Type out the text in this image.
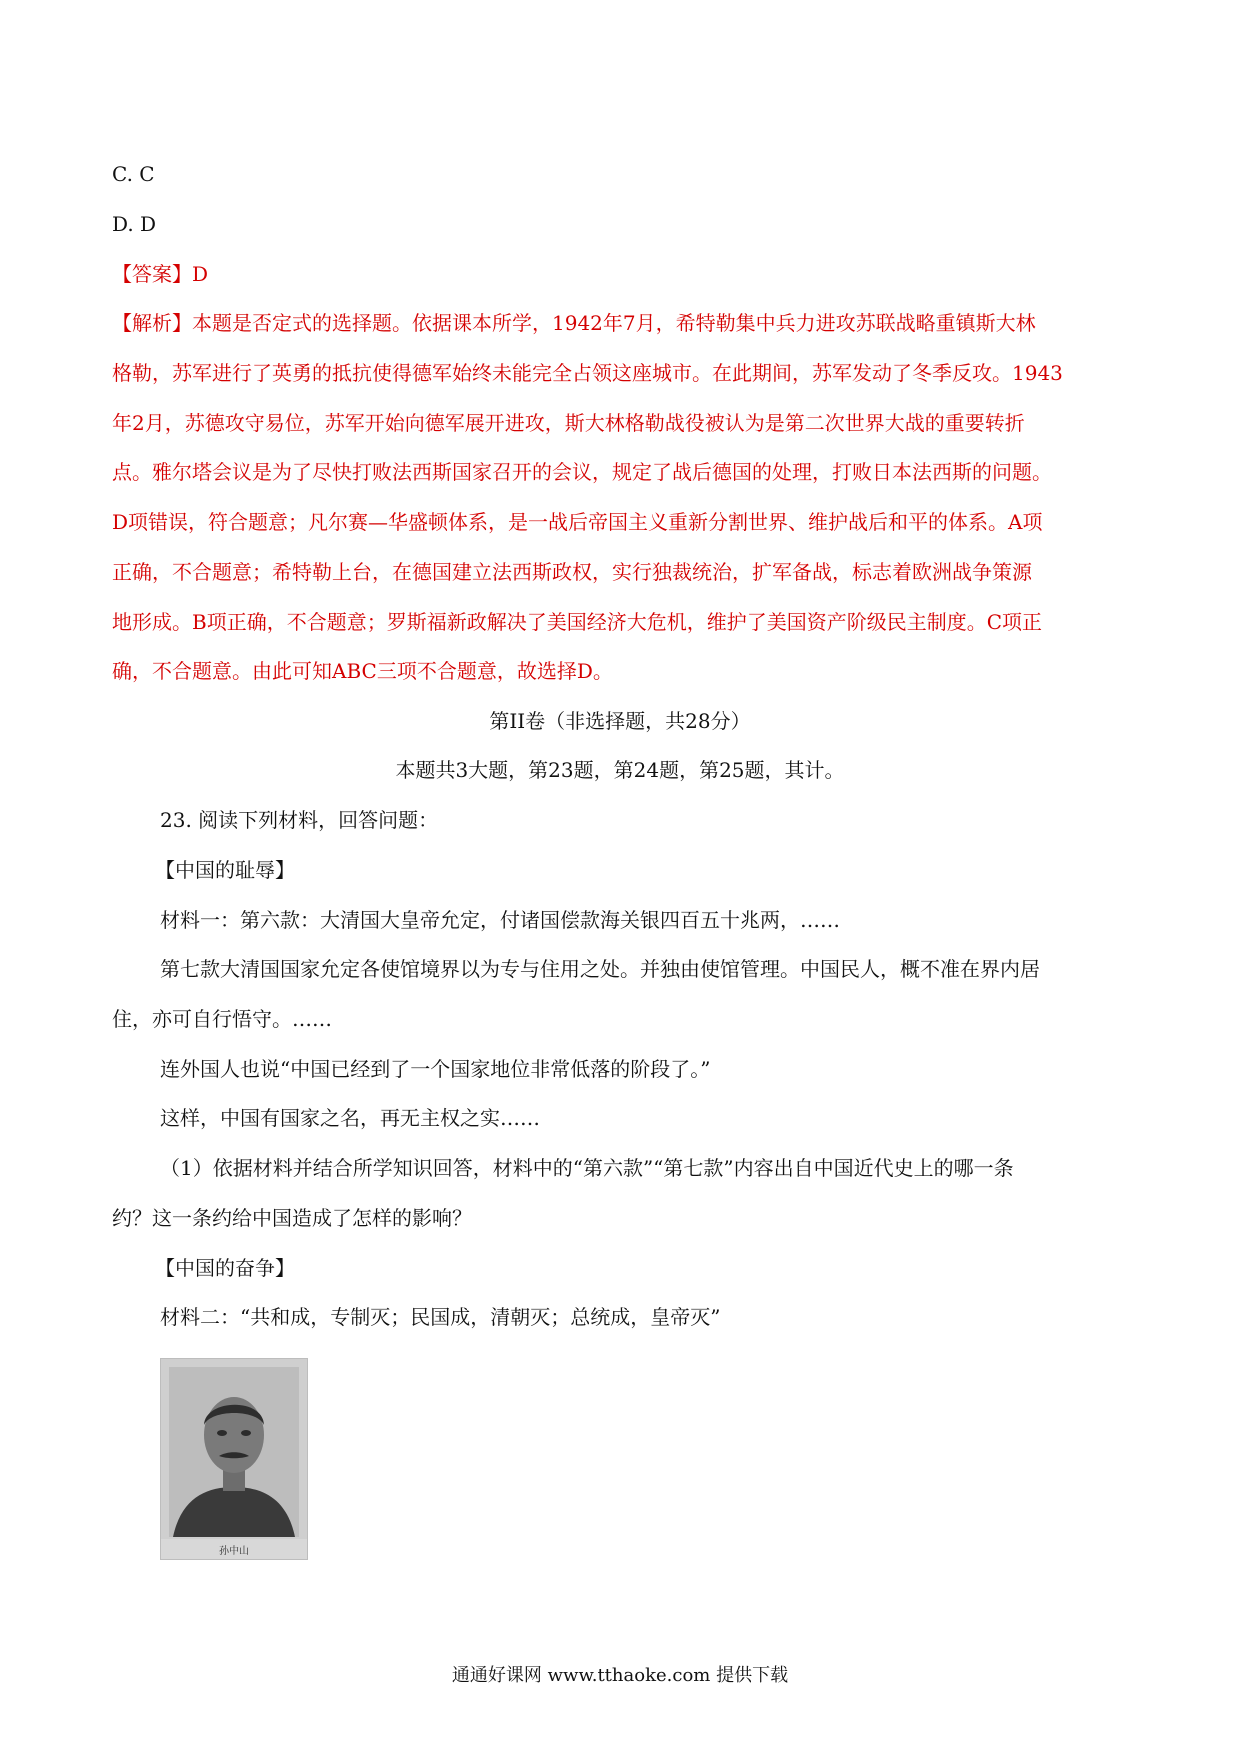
C. C
D. D
【答案】D
【解析】本题是否定式的选择题。依据课本所学，1942年7月，希特勒集中兵力进攻苏联战略重镇斯大林
格勒，苏军进行了英勇的抵抗使得德军始终未能完全占领这座城市。在此期间，苏军发动了冬季反攻。1943
年2月，苏德攻守易位，苏军开始向德军展开进攻，斯大林格勒战役被认为是第二次世界大战的重要转折
点。雅尔塔会议是为了尽快打败法西斯国家召开的会议，规定了战后德国的处理，打败日本法西斯的问题。
D项错误，符合题意；凡尔赛—华盛顿体系，是一战后帝国主义重新分割世界、维护战后和平的体系。A项
正确，不合题意；希特勒上台，在德国建立法西斯政权，实行独裁统治，扩军备战，标志着欧洲战争策源
地形成。B项正确，不合题意；罗斯福新政解决了美国经济大危机，维护了美国资产阶级民主制度。C项正
确，不合题意。由此可知ABC三项不合题意，故选择D。
第II卷（非选择题，共28分）
本题共3大题，第23题，第24题，第25题，其计。
23. 阅读下列材料，回答问题：
【中国的耻辱】
材料一：第六款：大清国大皇帝允定，付诸国偿款海关银四百五十兆两，……
第七款大清国国家允定各使馆境界以为专与住用之处。并独由使馆管理。中国民人，概不准在界内居
住，亦可自行悟守。……
连外国人也说“中国已经到了一个国家地位非常低落的阶段了。”
这样，中国有国家之名，再无主权之实……
（1）依据材料并结合所学知识回答，材料中的“第六款”“第七款”内容出自中国近代史上的哪一条
约？这一条约给中国造成了怎样的影响？
【中国的奋争】
材料二：“共和成，专制灭；民国成，清朝灭；总统成，皇帝灭”
孙中山
通通好课网 www.tthaoke.com 提供下载
